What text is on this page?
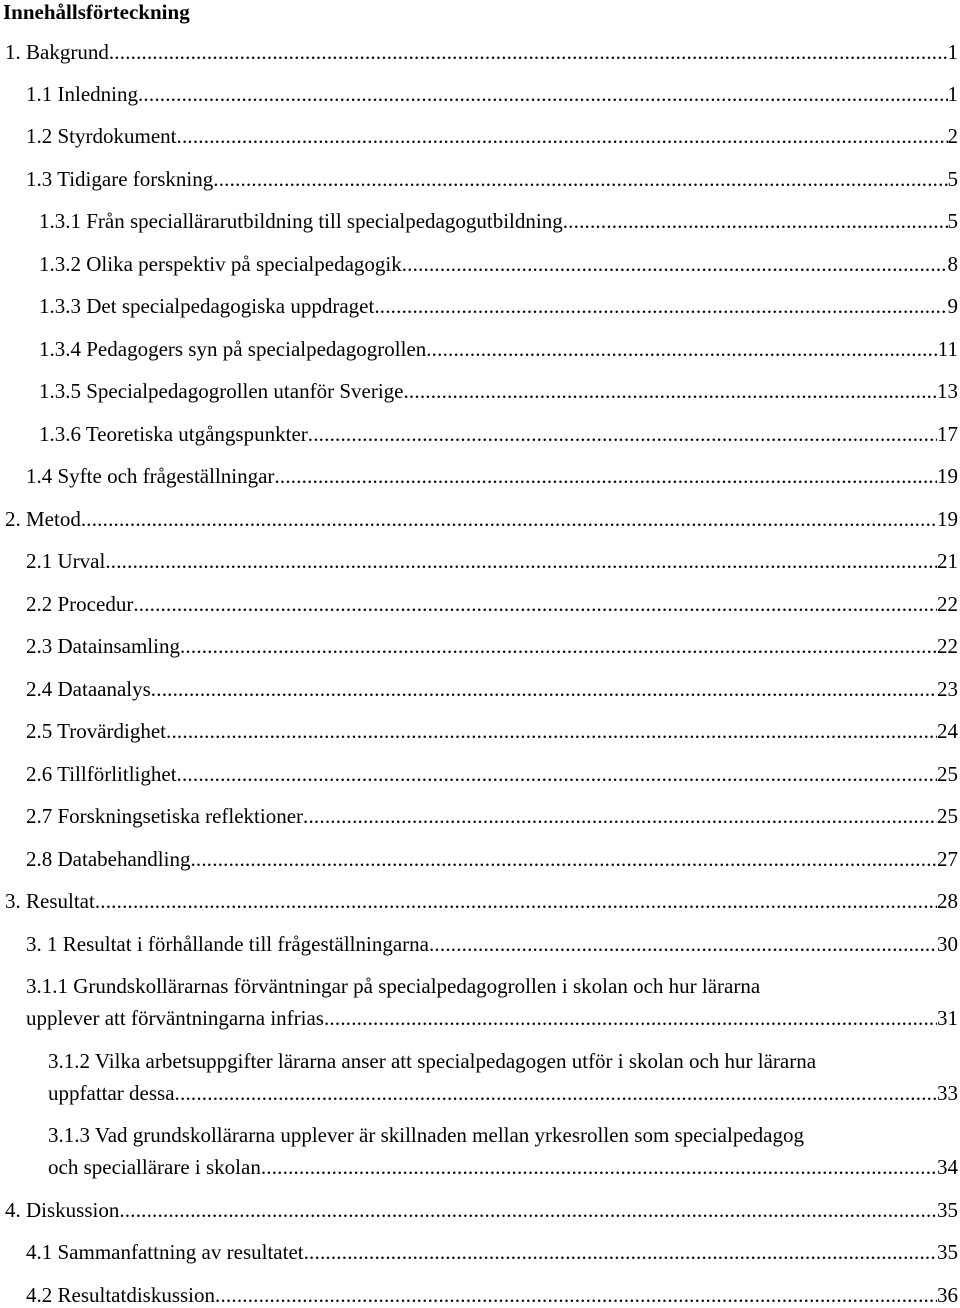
Innehållsförteckning
1. Bakgrund .....	1
1.1 Inledning .....	1
1.2 Styrdokument .....	2
1.3 Tidigare forskning .....	5
1.3.1 Från speciallärarutbildning till specialpedagogutbildning .....	5
1.3.2 Olika perspektiv på specialpedagogik .....	8
1.3.3 Det specialpedagogiska uppdraget .....	9
1.3.4 Pedagogers syn på specialpedagogrollen .....	11
1.3.5 Specialpedagogrollen utanför Sverige .....	13
1.3.6 Teoretiska utgångspunkter .....	17
1.4 Syfte och frågeställningar .....	19
2. Metod .....	19
2.1 Urval .....	21
2.2 Procedur .....	22
2.3 Datainsamling .....	22
2.4 Dataanalys .....	23
2.5 Trovärdighet .....	24
2.6 Tillförlitlighet .....	25
2.7 Forskningsetiska reflektioner .....	25
2.8 Databehandling .....	27
3. Resultat .....	28
3. 1 Resultat i förhållande till frågeställningarna .....	30
3.1.1 Grundskollärarnas förväntningar på specialpedagogrollen i skolan och hur lärarna
upplever att förväntningarna infrias .....	31
3.1.2 Vilka arbetsuppgifter lärarna anser att specialpedagogen utför i skolan och hur lärarna
uppfattar dessa .....	33
3.1.3 Vad grundskollärarna upplever är skillnaden mellan yrkesrollen som specialpedagog
och speciallärare i skolan .....	34
4. Diskussion .....	35
4.1 Sammanfattning av resultatet .....	35
4.2 Resultatdiskussion .....	36
